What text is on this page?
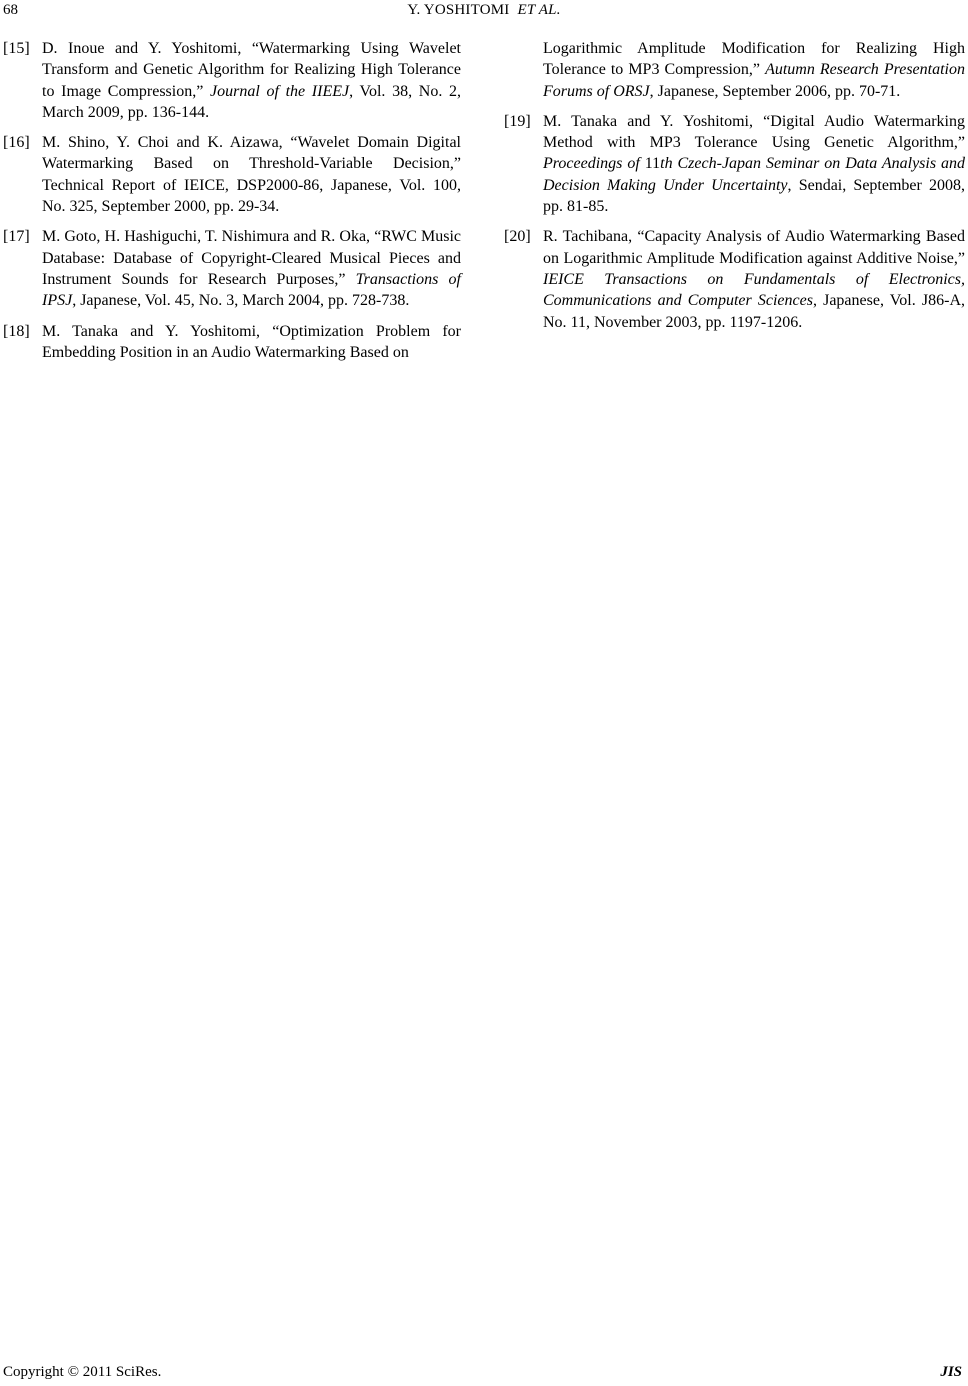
68	Y. YOSHITOMI ET AL.
[15] D. Inoue and Y. Yoshitomi, “Watermarking Using Wavelet Transform and Genetic Algorithm for Realizing High Tolerance to Image Compression,” Journal of the IIEEJ, Vol. 38, No. 2, March 2009, pp. 136-144.
[16] M. Shino, Y. Choi and K. Aizawa, “Wavelet Domain Digital Watermarking Based on Threshold-Variable Decision,” Technical Report of IEICE, DSP2000-86, Japanese, Vol. 100, No. 325, September 2000, pp. 29-34.
[17] M. Goto, H. Hashiguchi, T. Nishimura and R. Oka, “RWC Music Database: Database of Copyright-Cleared Musical Pieces and Instrument Sounds for Research Purposes,” Transactions of IPSJ, Japanese, Vol. 45, No. 3, March 2004, pp. 728-738.
[18] M. Tanaka and Y. Yoshitomi, “Optimization Problem for Embedding Position in an Audio Watermarking Based on
Logarithmic Amplitude Modification for Realizing High Tolerance to MP3 Compression,” Autumn Research Presentation Forums of ORSJ, Japanese, September 2006, pp. 70-71.
[19] M. Tanaka and Y. Yoshitomi, “Digital Audio Watermarking Method with MP3 Tolerance Using Genetic Algorithm,” Proceedings of 11th Czech-Japan Seminar on Data Analysis and Decision Making Under Uncertainty, Sendai, September 2008, pp. 81-85.
[20] R. Tachibana, “Capacity Analysis of Audio Watermarking Based on Logarithmic Amplitude Modification against Additive Noise,” IEICE Transactions on Fundamentals of Electronics, Communications and Computer Sciences, Japanese, Vol. J86-A, No. 11, November 2003, pp. 1197-1206.
Copyright © 2011 SciRes.	JIS
